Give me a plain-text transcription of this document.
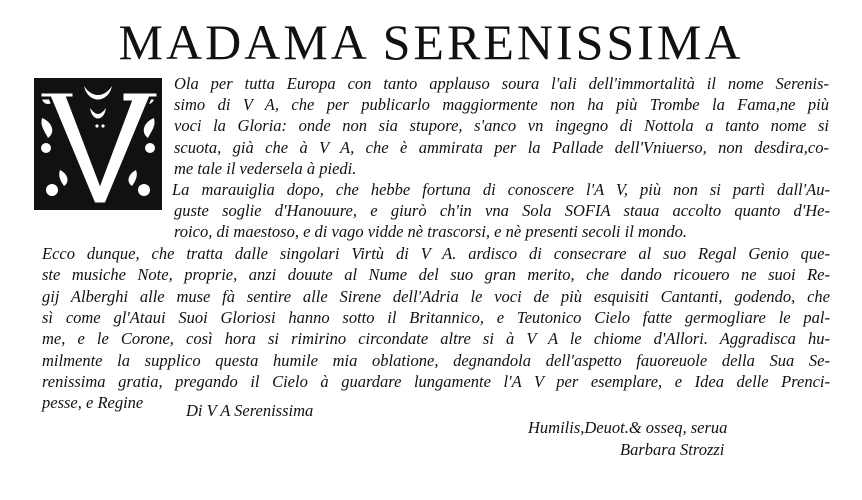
MADAMA SERENISSIMA
Ola per tutta Europa con tanto applauso soura l'ali dell'immortalità il nome Serenis-
simo di V A, che per publicarlo maggiormente non ha più Trombe la Fama,ne più
voci la Gloria: onde non sia stupore, s'anco vn ingegno di Nottola a tanto nome si
scuota, già che à V A, che è ammirata per la Pallade dell'Vniuerso, non desdira,co-
me tale il vedersela à piedi.
La marauiglia dopo, che hebbe fortuna di conoscere l'A V, più non si partì dall'Au-
guste soglie d'Hanouure, e giurò ch'in vna Sola SOFIA staua accolto quanto d'He-
roico, di maestoso, e di vago vidde nè trascorsi, e nè presenti secoli il mondo.
Ecco dunque, che tratta dalle singolari Virtù di V A. ardisco di consecrare al suo Regal Genio que-
ste musiche Note, proprie, anzi douute al Nume del suo gran merito, che dando ricouero ne suoi Re-
gij Alberghi alle muse fà sentire alle Sirene dell'Adria le voci de più esquisiti Cantanti, godendo, che
sì come gl'Ataui Suoi Gloriosi hanno sotto il Britannico, e Teutonico Cielo fatte germogliare le pal-
me, e le Corone, così hora si rimirino circondate altre si à V A le chiome d'Allori. Aggradisca hu-
milmente la supplico questa humile mia oblatione, degnandola dell'aspetto fauoreuole della Sua Se-
renissima gratia, pregando il Cielo à guardare lungamente l'A V per esemplare, e Idea delle Prenci-
pesse, e Regine	Di V A Serenissima
Humilis,Deuot.& osseq, serua
Barbara Strozzi
